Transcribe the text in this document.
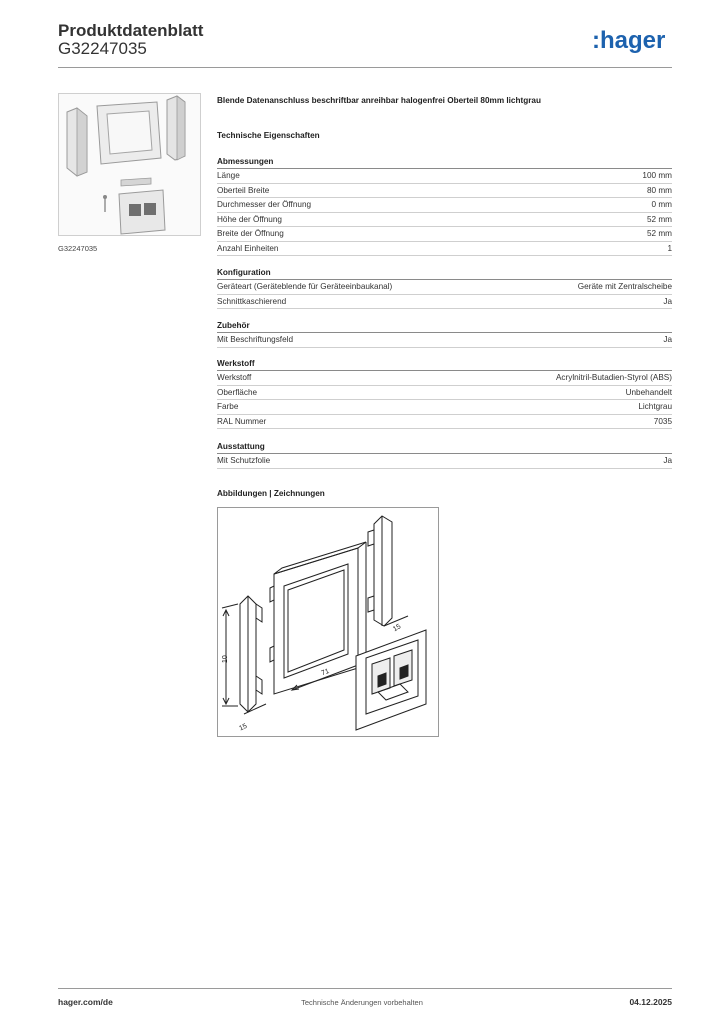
Produktdatenblatt
G32247035	:hager
G32247035
Blende Datenanschluss beschriftbar anreihbar halogenfrei Oberteil 80mm lichtgrau
Technische Eigenschaften
Abmessungen
Länge	100 mm
Oberteil Breite	80 mm
Durchmesser der Öffnung	0 mm
Höhe der Öffnung	52 mm
Breite der Öffnung	52 mm
Anzahl Einheiten	1
Konfiguration
Geräteart (Geräteblende für Geräteeinbaukanal)	Geräte mit Zentralscheibe
Schnittkaschierend	Ja
Zubehör
Mit Beschriftungsfeld	Ja
Werkstoff
Werkstoff	Acrylnitril-Butadien-Styrol (ABS)
Oberfläche	Unbehandelt
Farbe	Lichtgrau
RAL Nummer	7035
Ausstattung
Mit Schutzfolie	Ja
Abbildungen | Zeichnungen
10
15
71
15
hager.com/de	Technische Änderungen vorbehalten	04.12.2025
